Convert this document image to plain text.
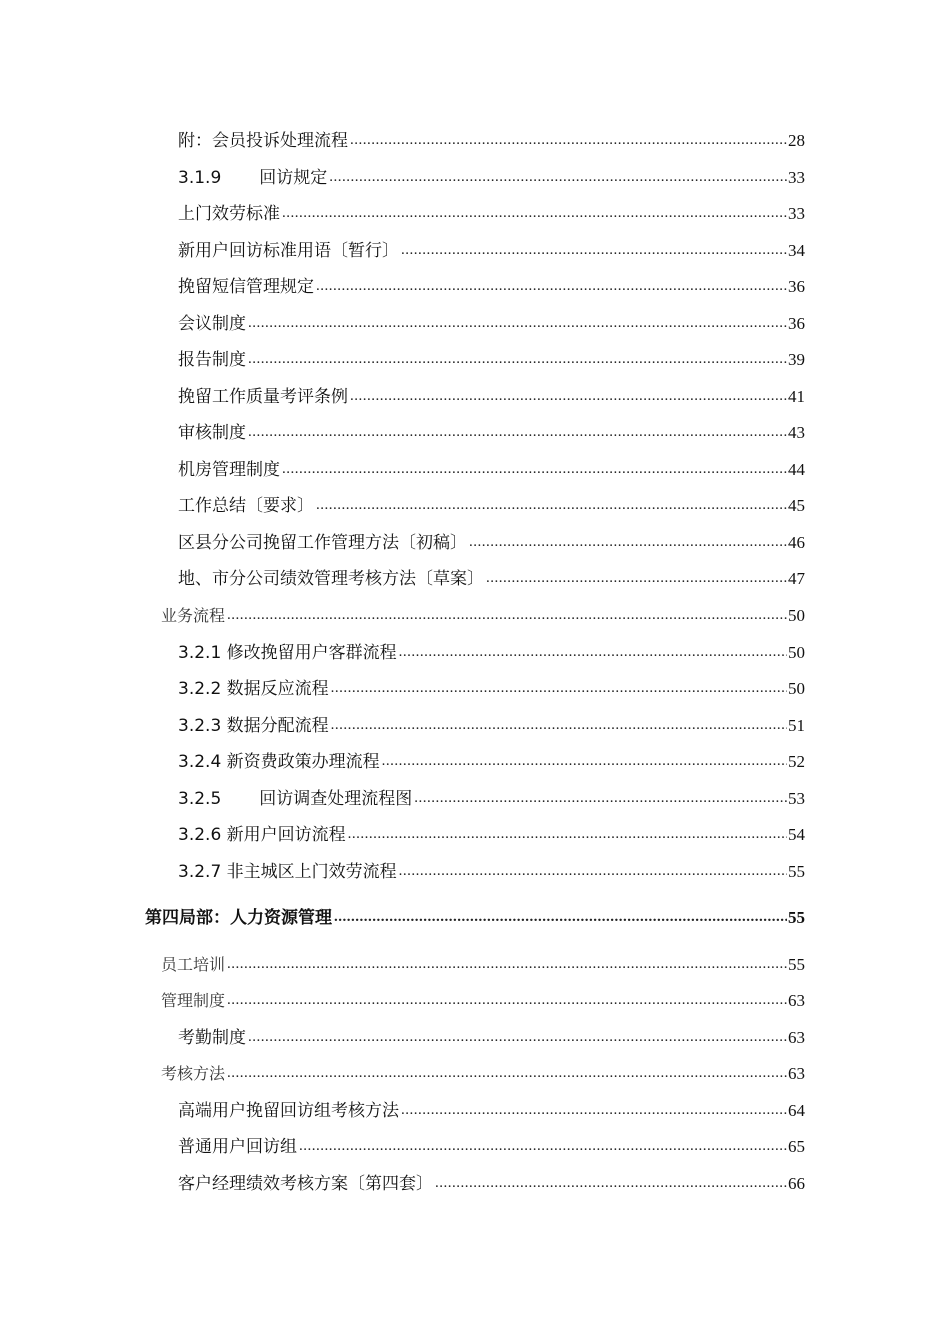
附：会员投诉处理流程 .....	28
3.1.9 回访规定 .....	33
上门效劳标准 .....	33
新用户回访标准用语〔暂行〕 .....	34
挽留短信管理规定 .....	36
会议制度 .....	36
报告制度 .....	39
挽留工作质量考评条例 .....	41
审核制度 .....	43
机房管理制度 .....	44
工作总结〔要求〕 .....	45
区县分公司挽留工作管理方法〔初稿〕 .....	46
地、市分公司绩效管理考核方法〔草案〕 .....	47
业务流程 .....	50
3.2.1 修改挽留用户客群流程 .....	50
3.2.2 数据反应流程 .....	50
3.2.3 数据分配流程 .....	51
3.2.4 新资费政策办理流程 .....	52
3.2.5 回访调查处理流程图 .....	53
3.2.6 新用户回访流程 .....	54
3.2.7 非主城区上门效劳流程 .....	55
第四局部：人力资源管理 .....	55
员工培训 .....	55
管理制度 .....	63
考勤制度 .....	63
考核方法 .....	63
高端用户挽留回访组考核方法 .....	64
普通用户回访组 .....	65
客户经理绩效考核方案〔第四套〕 .....	66
